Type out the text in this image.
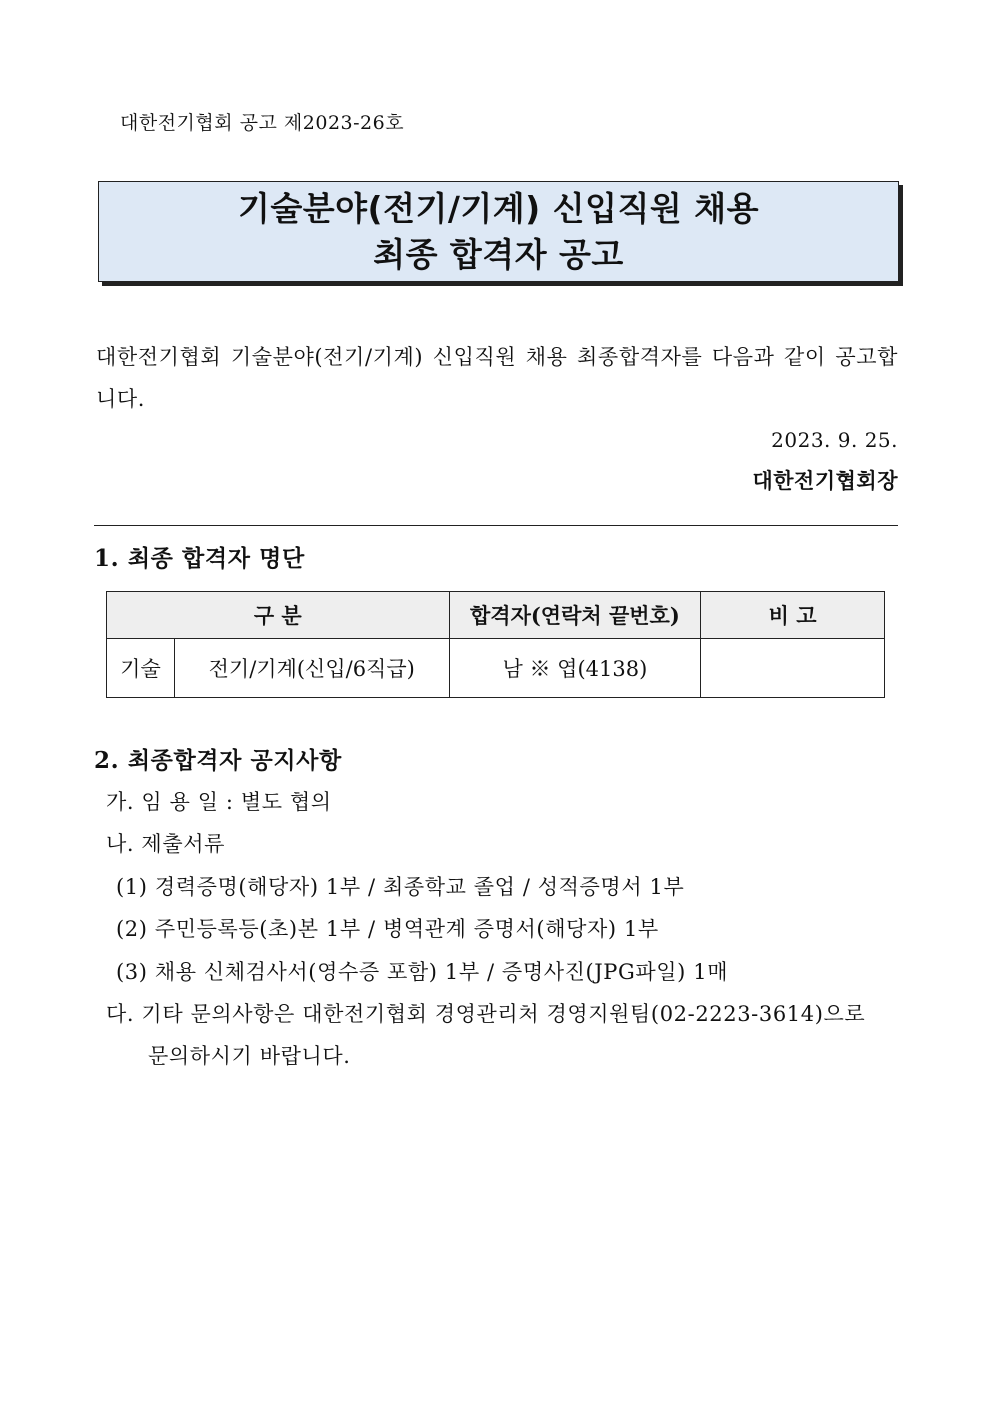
대한전기협회 공고 제2023-26호
기술분야(전기/기계) 신입직원 채용
최종 합격자 공고
대한전기협회 기술분야(전기/기계) 신입직원 채용 최종합격자를 다음과 같이 공고합니다.
2023. 9. 25.
대한전기협회장
1. 최종 합격자 명단
구 분		합격자(연락처 끝번호)	비 고
기술	전기/기계(신입/6직급)	남 ※ 엽(4138)	
2. 최종합격자 공지사항
가. 임 용 일 : 별도 협의
나. 제출서류
(1) 경력증명(해당자) 1부 / 최종학교 졸업 / 성적증명서 1부
(2) 주민등록등(초)본 1부 / 병역관계 증명서(해당자) 1부
(3) 채용 신체검사서(영수증 포함) 1부 / 증명사진(JPG파일) 1매
다. 기타 문의사항은 대한전기협회 경영관리처 경영지원팀(02-2223-3614)으로
문의하시기 바랍니다.
